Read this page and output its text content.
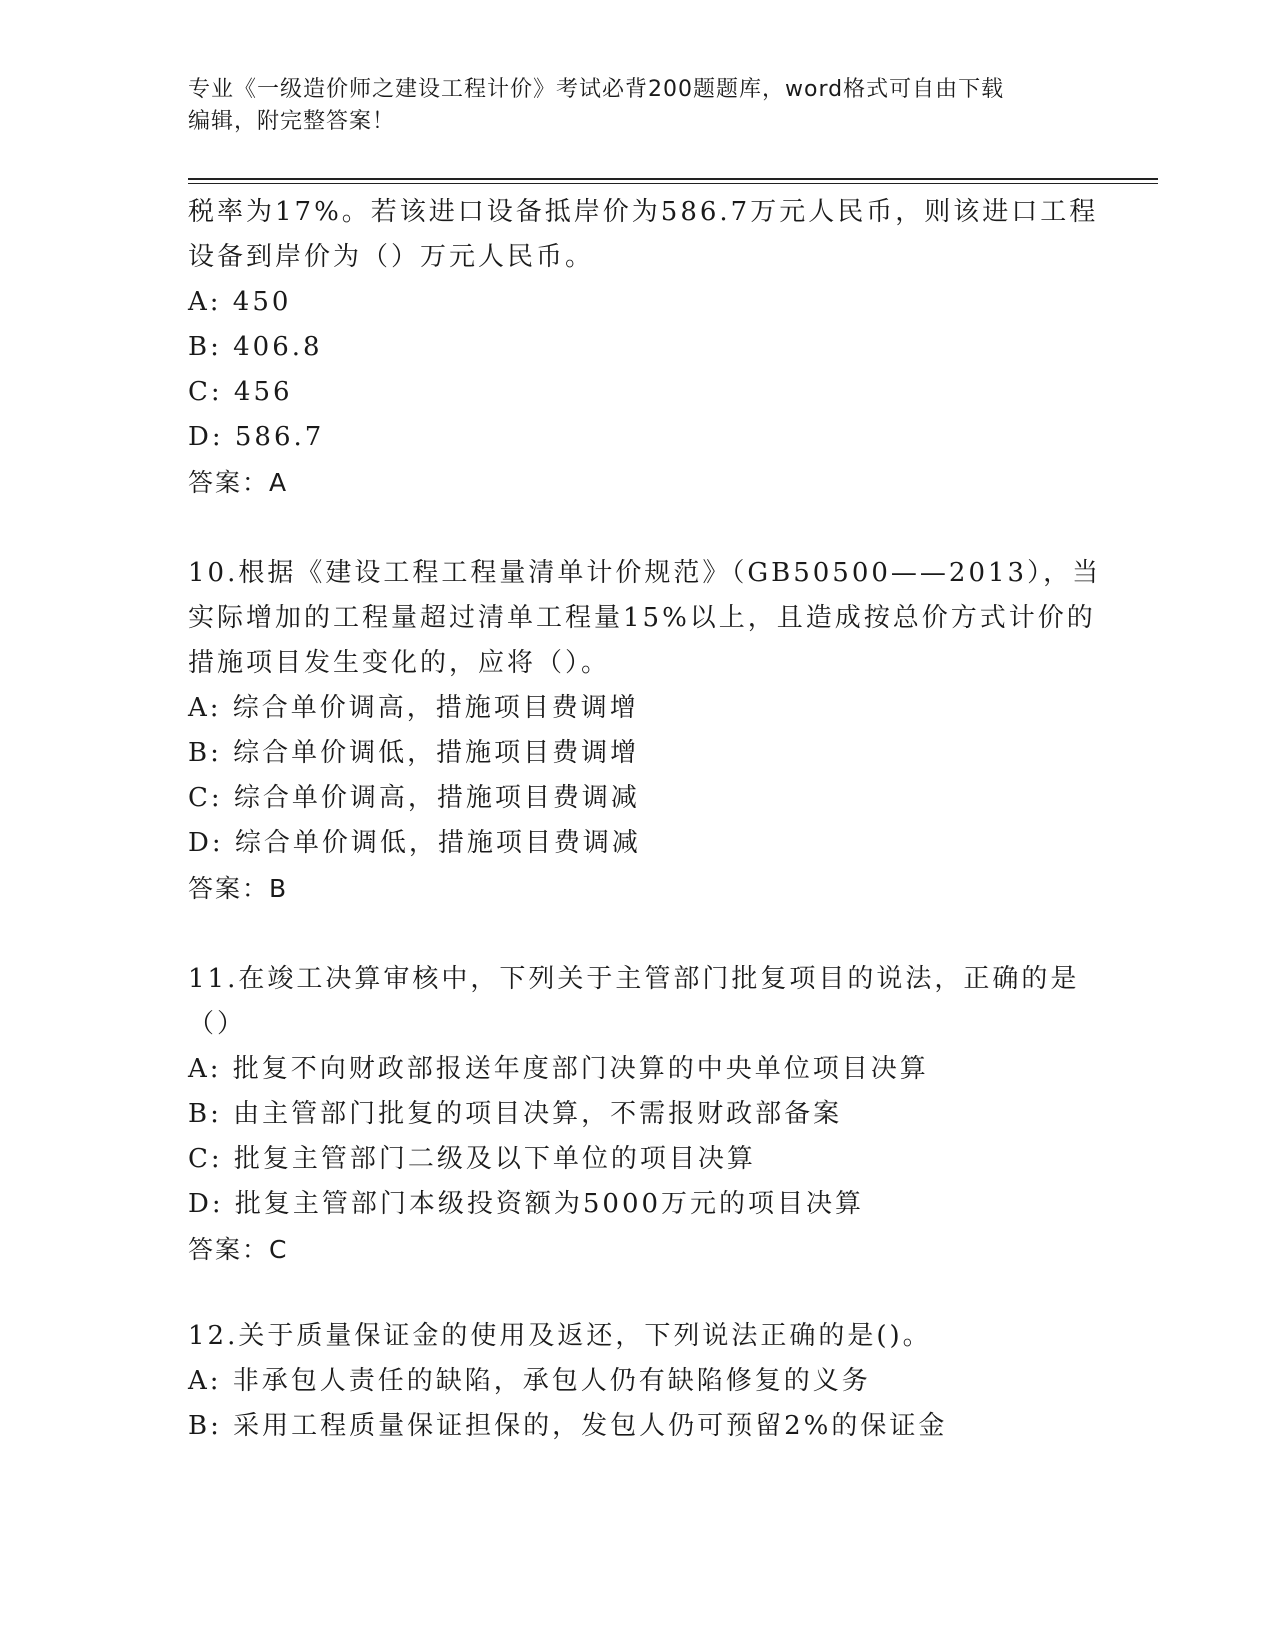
专业《一级造价师之建设工程计价》考试必背200题题库，word格式可自由下载
编辑，附完整答案！
税率为17%。若该进口设备抵岸价为586.7万元人民币，则该进口工程
设备到岸价为（）万元人民币。
A: 450
B: 406.8
C: 456
D: 586.7
答案：A
10.根据《建设工程工程量清单计价规范》（GB50500——2013），当
实际增加的工程量超过清单工程量15%以上，且造成按总价方式计价的
措施项目发生变化的，应将（）。
A: 综合单价调高，措施项目费调增
B: 综合单价调低，措施项目费调增
C: 综合单价调高，措施项目费调减
D: 综合单价调低，措施项目费调减
答案：B
11.在竣工决算审核中，下列关于主管部门批复项目的说法，正确的是
（）
A: 批复不向财政部报送年度部门决算的中央单位项目决算
B: 由主管部门批复的项目决算，不需报财政部备案
C: 批复主管部门二级及以下单位的项目决算
D: 批复主管部门本级投资额为5000万元的项目决算
答案：C
12.关于质量保证金的使用及返还，下列说法正确的是()。
A: 非承包人责任的缺陷，承包人仍有缺陷修复的义务
B: 采用工程质量保证担保的，发包人仍可预留2%的保证金
